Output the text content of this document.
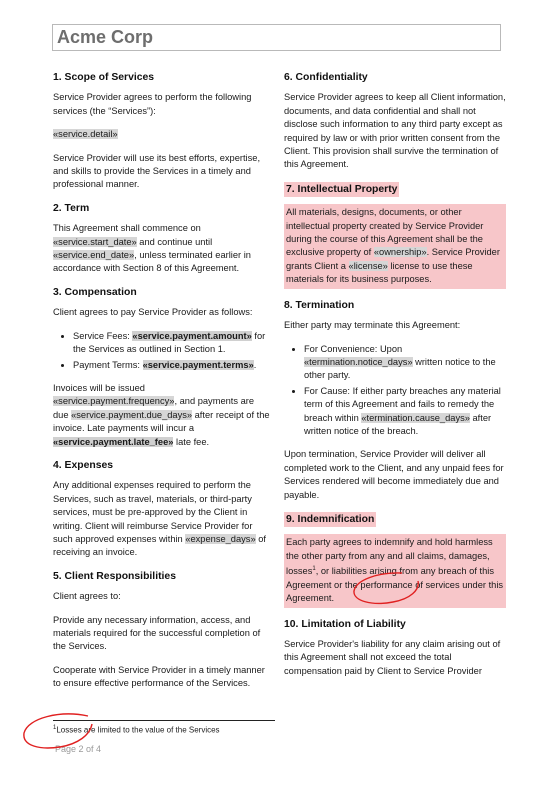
Acme Corp
1. Scope of Services

Service Provider agrees to perform the following services (the “Services”):

«service.detail»

Service Provider will use its best efforts, expertise, and skills to provide the Services in a timely and professional manner.

2. Term

This Agreement shall commence on «service.start_date» and continue until «service.end_date», unless terminated earlier in accordance with Section 8 of this Agreement.

3. Compensation

Client agrees to pay Service Provider as follows:

• Service Fees: «service.payment.amount» for the Services as outlined in Section 1.
• Payment Terms: «service.payment.terms».

Invoices will be issued «service.payment.frequency», and payments are due «service.payment.due_days» after receipt of the invoice. Late payments will incur a «service.payment.late_fee» late fee.

4. Expenses

Any additional expenses required to perform the Services, such as travel, materials, or third-party services, must be pre-approved by the Client in writing. Client will reimburse Service Provider for such approved expenses within «expense_days» of receiving an invoice.

5. Client Responsibilities

Client agrees to:

Provide any necessary information, access, and materials required for the successful completion of the Services.

Cooperate with Service Provider in a timely manner to ensure effective performance of the Services.

6. Confidentiality

Service Provider agrees to keep all Client information, documents, and data confidential and shall not disclose such information to any third party except as required by law or with prior written consent from the Client. This provision shall survive the termination of this Agreement.

7. Intellectual Property
All materials, designs, documents, or other intellectual property created by Service Provider during the course of this Agreement shall be the exclusive property of «ownership». Service Provider grants Client a «license» license to use these materials for its business purposes.
8. Termination

Either party may terminate this Agreement:

• For Convenience: Upon «termination.notice_days» written notice to the other party.
• For Cause: If either party breaches any material term of this Agreement and fails to remedy the breach within «termination.cause_days» after written notice of the breach.

Upon termination, Service Provider will deliver all completed work to the Client, and any unpaid fees for Services rendered will become immediately due and payable.

9. Indemnification
Each party agrees to indemnify and hold harmless the other party from any and all claims, damages, losses$^1$, or liabilities arising from any breach of this Agreement or the performance of services under this Agreement.
10. Limitation of Liability

Service Provider's liability for any claim arising out of this Agreement shall not exceed the total compensation paid by Client to Service Provider

$^1$Losses are limited to the value of the Services
Page 2 of 4
